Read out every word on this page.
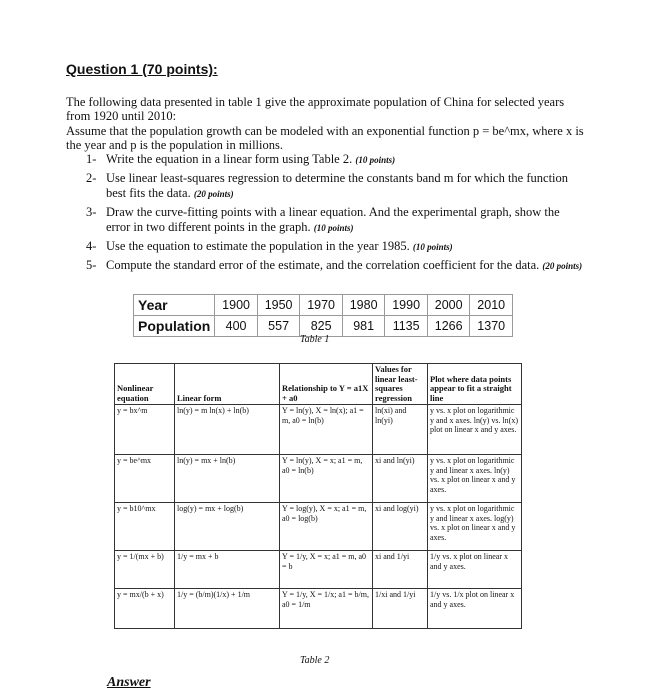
Question 1 (70 points):
The following data presented in table 1 give the approximate population of China for selected years from 1920 until 2010:
Assume that the population growth can be modeled with an exponential function p = be^mx, where x is the year and p is the population in millions.
1- Write the equation in a linear form using Table 2. (10 points)
2- Use linear least-squares regression to determine the constants band m for which the function best fits the data. (20 points)
3- Draw the curve-fitting points with a linear equation. And the experimental graph, show the error in two different points in the graph. (10 points)
4- Use the equation to estimate the population in the year 1985. (10 points)
5- Compute the standard error of the estimate, and the correlation coefficient for the data. (20 points)
Year	1900	1950	1970	1980	1990	2000	2010
Population	400	557	825	981	1135	1266	1370
Table 1
Nonlinear equation	Linear form	Relationship to Y = a1X + a0	Values for linear least-squares regression	Plot where data points appear to fit a straight line
y = bx^m	ln(y) = m ln(x) + ln(b)	Y = ln(y), X = ln(x); a1 = m, a0 = ln(b)	ln(xi) and ln(yi)	y vs. x plot on logarithmic y and x axes. ln(y) vs. ln(x) plot on linear x and y axes.
y = be^mx	ln(y) = mx + ln(b)	Y = ln(y), X = x; a1 = m, a0 = ln(b)	xi and ln(yi)	y vs. x plot on logarithmic y and linear x axes. ln(y) vs. x plot on linear x and y axes.
y = b10^mx	log(y) = mx + log(b)	Y = log(y), X = x; a1 = m, a0 = log(b)	xi and log(yi)	y vs. x plot on logarithmic y and linear x axes. log(y) vs. x plot on linear x and y axes.
y = 1/(mx + b)	1/y = mx + b	Y = 1/y, X = x; a1 = m, a0 = b	xi and 1/yi	1/y vs. x plot on linear x and y axes.
y = mx/(b + x)	1/y = (b/m)(1/x) + 1/m	Y = 1/y, X = 1/x; a1 = b/m, a0 = 1/m	1/xi and 1/yi	1/y vs. 1/x plot on linear x and y axes.
Table 2
Answer
